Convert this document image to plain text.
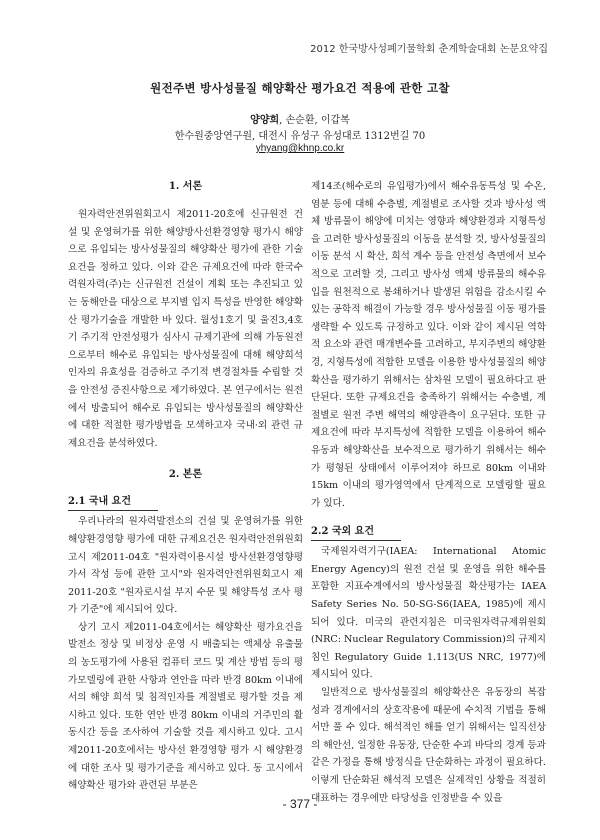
2012 한국방사성폐기물학회 춘계학술대회 논문요약집
원전주변 방사성물질 해양확산 평가요건 적용에 관한 고찰
양양희, 손순환, 이갑복
한수원중앙연구원, 대전시 유성구 유성대로 1312번길 70
yhyang@khnp.co.kr
1. 서론

원자력안전위원회고시 제2011-20호에 신규원전 건설 및 운영허가를 위한 해양방사선환경영향 평가시 해양으로 유입되는 방사성물질의 해양확산 평가에 관한 기술요건을 정하고 있다. 이와 같은 규제요건에 따라 한국수력원자력(주)는 신규원전 건설이 계획 또는 추진되고 있는 동해안을 대상으로 부지별 입지 특성을 반영한 해양확산 평가기술을 개발한 바 있다. 월성1호기 및 울진3,4호기 주기적 안전성평가 심사시 규제기관에 의해 가동원전으로부터 해수로 유입되는 방사성물질에 대해 해양희석인자의 유효성을 검증하고 주기적 변경절차를 수립할 것을 안전성 증진사항으로 제기하였다. 본 연구에서는 원전에서 방출되어 해수로 유입되는 방사성물질의 해양확산에 대한 적절한 평가방법을 모색하고자 국내·외 관련 규제요건을 분석하였다.

2. 본론
2.1 국내 요건

우리나라의 원자력발전소의 건설 및 운영허가를 위한 해양환경영향 평가에 대한 규제요건은 원자력안전위원회고시 제2011-04호 "원자력이용시설 방사선환경영향평가서 작성 등에 관한 고시"와 원자력안전위원회고시 제2011-20호 "원자로시설 부지 수문 및 해양특성 조사 평가 기준"에 제시되어 있다.

상기 고시 제2011-04호에서는 해양확산 평가요건을 발전소 정상 및 비정상 운영 시 배출되는 액체상 유출물의 농도평가에 사용된 컴퓨터 코드 및 계산 방법 등의 평가모델링에 관한 사항과 연안을 따라 반경 80km 이내에서의 해양 희석 및 침적인자를 계절별로 평가할 것을 제시하고 있다. 또한 연안 반경 80km 이내의 거주민의 활동시간 등을 조사하여 기술할 것을 제시하고 있다. 고시 제2011-20호에서는 방사선 환경영향 평가 시 해양환경에 대한 조사 및 평가기준을 제시하고 있다. 동 고시에서 해양확산 평가와 관련된 부분은

제14조(해수로의 유입평가)에서 해수유동특성 및 수온, 염분 등에 대해 수층별, 계절별로 조사할 것과 방사성 액체 방류물이 해양에 미치는 영향과 해양환경과 지형특성을 고려한 방사성물질의 이동을 분석할 것, 방사성물질의 이동 분석 시 확산, 희석 계수 등을 안전성 측면에서 보수적으로 고려할 것, 그리고 방사성 액체 방류물의 해수유입을 원천적으로 봉쇄하거나 발생된 위험을 감소시킬 수 있는 공학적 해결이 가능할 경우 방사성물질 이동 평가를 생략할 수 있도록 규정하고 있다. 이와 같이 제시된 역학적 요소와 관련 매개변수를 고려하고, 부지주변의 해양환경, 지형특성에 적합한 모델을 이용한 방사성물질의 해양확산을 평가하기 위해서는 삼차원 모델이 필요하다고 판단된다. 또한 규제요건을 충족하기 위해서는 수층별, 계절별로 원전 주변 해역의 해양관측이 요구된다. 또한 규제요건에 따라 부지특성에 적합한 모델을 이용하여 해수유동과 해양확산을 보수적으로 평가하기 위해서는 해수가 평형된 상태에서 이루어져야 하므로 80km 이내와 15km 이내의 평가영역에서 단계적으로 모델링할 필요가 있다.

2.2 국외 요건

국제원자력기구(IAEA: International Atomic Energy Agency)의 원전 건설 및 운영을 위한 해수를 포함한 지표수계에서의 방사성물질 확산평가는 IAEA Safety Series No. 50-SG-S6(IAEA, 1985)에 제시되어 있다. 미국의 관련지침은 미국원자력규제위원회(NRC: Nuclear Regulatory Commission)의 규제지침인 Regulatory Guide 1.113(US NRC, 1977)에 제시되어 있다.

일반적으로 방사성물질의 해양확산은 유동장의 복잡성과 경계에서의 상호작용에 때문에 수치적 기법을 통해서만 풀 수 있다. 해석적인 해를 얻기 위해서는 일직선상의 해안선, 일정한 유동장, 단순한 수괴 바닥의 경계 등과 같은 가정을 통해 방정식을 단순화하는 과정이 필요하다. 이렇게 단순화된 해석적 모델은 실제적인 상황을 적절히 대표하는 경우에만 타당성을 인정받을 수 있을

- 377 -
